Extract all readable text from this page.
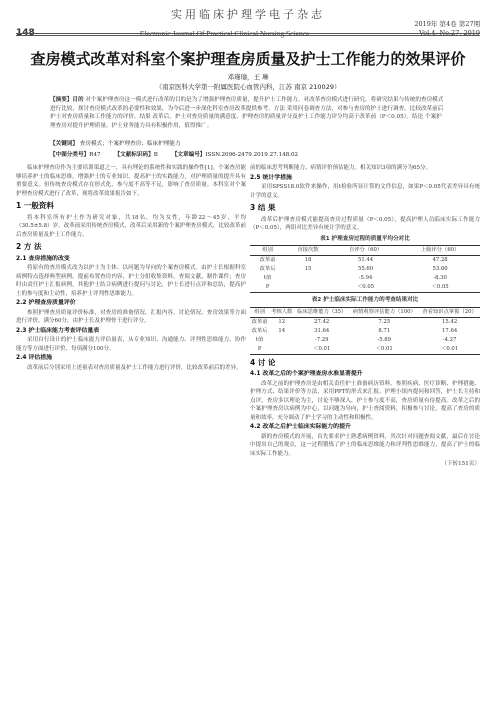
实用临床护理学电子杂志
148	Electronic Journal Of Practical Clinical Nursing Science
2019年 第4卷 第27期
Vol.4, No.27, 2019
查房模式改革对科室个案护理查房质量及护士工作能力的效果评价
邓瑾瑜，王 琳
（南京医科大学第一附属医院心血管内科，江苏 南京 210029）
【摘要】目的 对个案护理查房这一模式进行改革的目的是为了增强护理查房质量，提升护士工作能力。对改革查房模式进行研究，将研究结果与传统的查房模式进行比较，探讨查房模式改革的必要性和效果，为今后进一步深化科室查房改革提供参考。方法 采用问卷调查方法，对参与查房的护士进行调查，比较改革前后护士对查房质量和工作能力的评价。结果 改革后，护士对查房质量的满意度、护理查房的质量评分及护士工作能力评分均高于改革前（P＜0.05）。结论 个案护理查房对提升护理质量、护士业务能力具有积极作用，值得推广。
【关键词】 查房模式；个案护理查房；临床护理能力
【中图分类号】R47	【文献标识码】B	【文章编号】ISSN.2096-2479.2019.27.148.02

临床护理查房作为主要培训渠道之一，具有理论的系统性和实践的操作性[1]。个案查房能够培养护士的临床思维，增强护士的专业知识，提高护士的实践能力，对护理质量的提升具有重要意义。但传统查房模式存在形式化、参与度不高等不足，影响了查房质量。本科室对个案护理查房模式进行了改革，现将改革效果报告如下。

1 一般资料

将本科室所有护士作为研究对象，共18名，均为女性，年龄22～45岁，平均（30.5±5.8）岁。改革前采用传统查房模式，改革后采用新的个案护理查房模式，比较改革前后查房质量及护士工作能力。

2 方 法
2.1 查房措施的改变

将原有的查房模式改为以护士为主体、以问题为导向的个案查房模式。由护士长根据科室病例特点选择典型病例，提前布置查房内容，护士分组收集资料，查阅文献，制作课件；查房时由责任护士汇报病例，其他护士结合病例进行提问与讨论，护士长进行点评和总结，提高护士的参与度和主动性，培养护士评判性思维能力。

2.2 护理查房质量评价

参照护理查房质量评价标准，对查房的准备情况、汇报内容、讨论情况、查房效果等方面进行评价，满分60分，由护士长及护理骨干进行评分。

2.3 护士临床能力考查评估量表

采用自行设计的护士临床能力评估量表，从专业知识、沟通能力、评判性思维能力、协作能力等方面进行评价，每项满分100分。

2.4 评估措施

改革前后分别采用上述量表对查房质量及护士工作能力进行评价，比较改革前后的差异。

前的临床思考判断能力、病情评价预估能力。相关知识3项的满分为65分。

2.5 统计学措施

采用SPSS18.0软件来操作，用t检验所显计算的文件信息，如果P＜0.05代表差异具有统计学的意义。

3 结 果

改革后护理查房模式能提高查房过程质量（P＜0.05），提高护理人员临床实际工作能力（P＜0.05），两组对比差异有统计学的意义。

表1 护理查房过程的质量平均分对比
组别	直接次数	自评分（60）	上级评分（60）
改革前	18	51.44	47.28
改革后	15	55.60	53.60
t值		-5.94	-8.30
P		＜0.05	＜0.05
表2 护士临床实际工作能力的考查结果对比
组别	考核人数	临床思维能力（35）	病情观察评估能力（100）	查看知识点掌握（20）
改革前	12	27.42	7.25	15.42
改革后	14	31.64	8.71	17.64
t值		-7.29	-5.89	-4.27
P		＜0.01	＜0.01	＜0.01
4 讨 论
4.1 改革之后的个案护理查房水准显著提升

改革之前的护理查房是由相关责任护士准备病历资料，参照疾病、医疗诊断、护理措施、护理方式、结果评价等方法，采用PPT的形式来汇报，护理小组内提问和回答，护士长主持和点评，查房多以理论为主，讨论不够深入，护士参与度不高，查房质量有待提高。改革之后的个案护理查房以病例为中心，以问题为导向，护士查阅资料，积极参与讨论，提高了查房的质量和效率，充分调动了护士学习的主动性和积极性。

4.2 改革之后护士临床实际能力的提升

新的查房模式的开展，首先要求护士熟悉病例资料，其次针对问题查阅文献，最后在讨论中提出自己的观点，这一过程锻炼了护士的临床思维能力和评判性思维能力，提高了护士的临床实际工作能力。

（下转151页）
